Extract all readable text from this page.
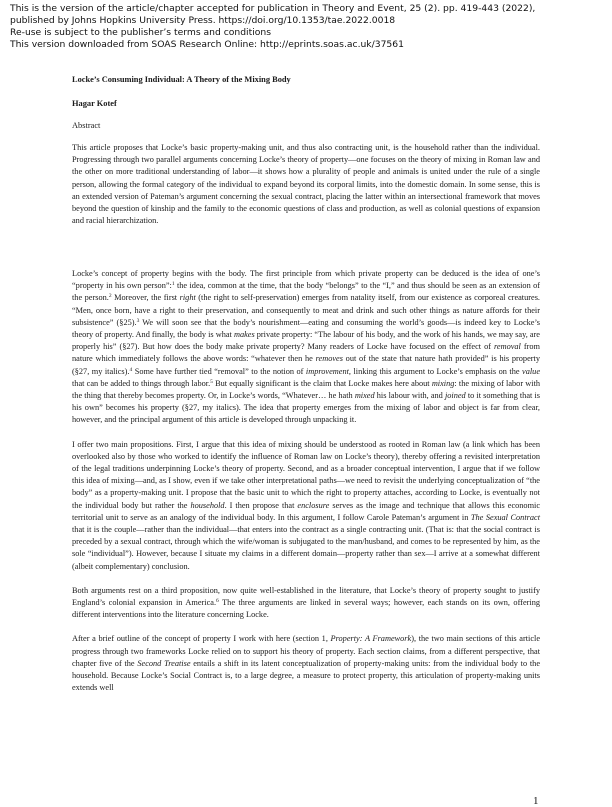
This is the version of the article/chapter accepted for publication in Theory and Event, 25 (2). pp. 419-443 (2022),
published by Johns Hopkins University Press. https://doi.org/10.1353/tae.2022.0018
Re-use is subject to the publisher’s terms and conditions
This version downloaded from SOAS Research Online: http://eprints.soas.ac.uk/37561
Locke’s Consuming Individual: A Theory of the Mixing Body
Hagar Kotef
Abstract
This article proposes that Locke’s basic property-making unit, and thus also contracting unit, is the household rather than the individual. Progressing through two parallel arguments concerning Locke’s theory of property—one focuses on the theory of mixing in Roman law and the other on more traditional understanding of labor—it shows how a plurality of people and animals is united under the rule of a single person, allowing the formal category of the individual to expand beyond its corporal limits, into the domestic domain. In some sense, this is an extended version of Pateman’s argument concerning the sexual contract, placing the latter within an intersectional framework that moves beyond the question of kinship and the family to the economic questions of class and production, as well as colonial questions of expansion and racial hierarchization.

Locke’s concept of property begins with the body. The first principle from which private property can be deduced is the idea of one’s “property in his own person”:$^1$ the idea, common at the time, that the body “belongs” to the “I,” and thus should be seen as an extension of the person.$^2$ Moreover, the first right (the right to self-preservation) emerges from natality itself, from our existence as corporeal creatures. “Men, once born, have a right to their preservation, and consequently to meat and drink and such other things as nature affords for their subsistence” (§25).$^3$ We will soon see that the body’s nourishment—eating and consuming the world’s goods—is indeed key to Locke’s theory of property. And finally, the body is what makes private property: “The labour of his body, and the work of his hands, we may say, are properly his” (§27). But how does the body make private property? Many readers of Locke have focused on the effect of removal from nature which immediately follows the above words: “whatever then he removes out of the state that nature hath provided” is his property (§27, my italics).$^4$ Some have further tied “removal” to the notion of improvement, linking this argument to Locke’s emphasis on the value that can be added to things through labor.$^5$ But equally significant is the claim that Locke makes here about mixing: the mixing of labor with the thing that thereby becomes property. Or, in Locke’s words, “Whatever… he hath mixed his labour with, and joined to it something that is his own” becomes his property (§27, my italics). The idea that property emerges from the mixing of labor and object is far from clear, however, and the principal argument of this article is developed through unpacking it.

I offer two main propositions. First, I argue that this idea of mixing should be understood as rooted in Roman law (a link which has been overlooked also by those who worked to identify the influence of Roman law on Locke’s theory), thereby offering a revisited interpretation of the legal traditions underpinning Locke’s theory of property. Second, and as a broader conceptual intervention, I argue that if we follow this idea of mixing—and, as I show, even if we take other interpretational paths—we need to revisit the underlying conceptualization of “the body” as a property-making unit. I propose that the basic unit to which the right to property attaches, according to Locke, is eventually not the individual body but rather the household. I then propose that enclosure serves as the image and technique that allows this economic territorial unit to serve as an analogy of the individual body. In this argument, I follow Carole Pateman’s argument in The Sexual Contract that it is the couple—rather than the individual—that enters into the contract as a single contracting unit. (That is: that the social contract is preceded by a sexual contract, through which the wife/woman is subjugated to the man/husband, and comes to be represented by him, as the sole “individual”). However, because I situate my claims in a different domain—property rather than sex—I arrive at a somewhat different (albeit complementary) conclusion.

Both arguments rest on a third proposition, now quite well-established in the literature, that Locke’s theory of property sought to justify England’s colonial expansion in America.$^6$ The three arguments are linked in several ways; however, each stands on its own, offering different interventions into the literature concerning Locke.

After a brief outline of the concept of property I work with here (section 1, Property: A Framework), the two main sections of this article progress through two frameworks Locke relied on to support his theory of property. Each section claims, from a different perspective, that chapter five of the Second Treatise entails a shift in its latent conceptualization of property-making units: from the individual body to the household. Because Locke’s Social Contract is, to a large degree, a measure to protect property, this articulation of property-making units extends well

1
